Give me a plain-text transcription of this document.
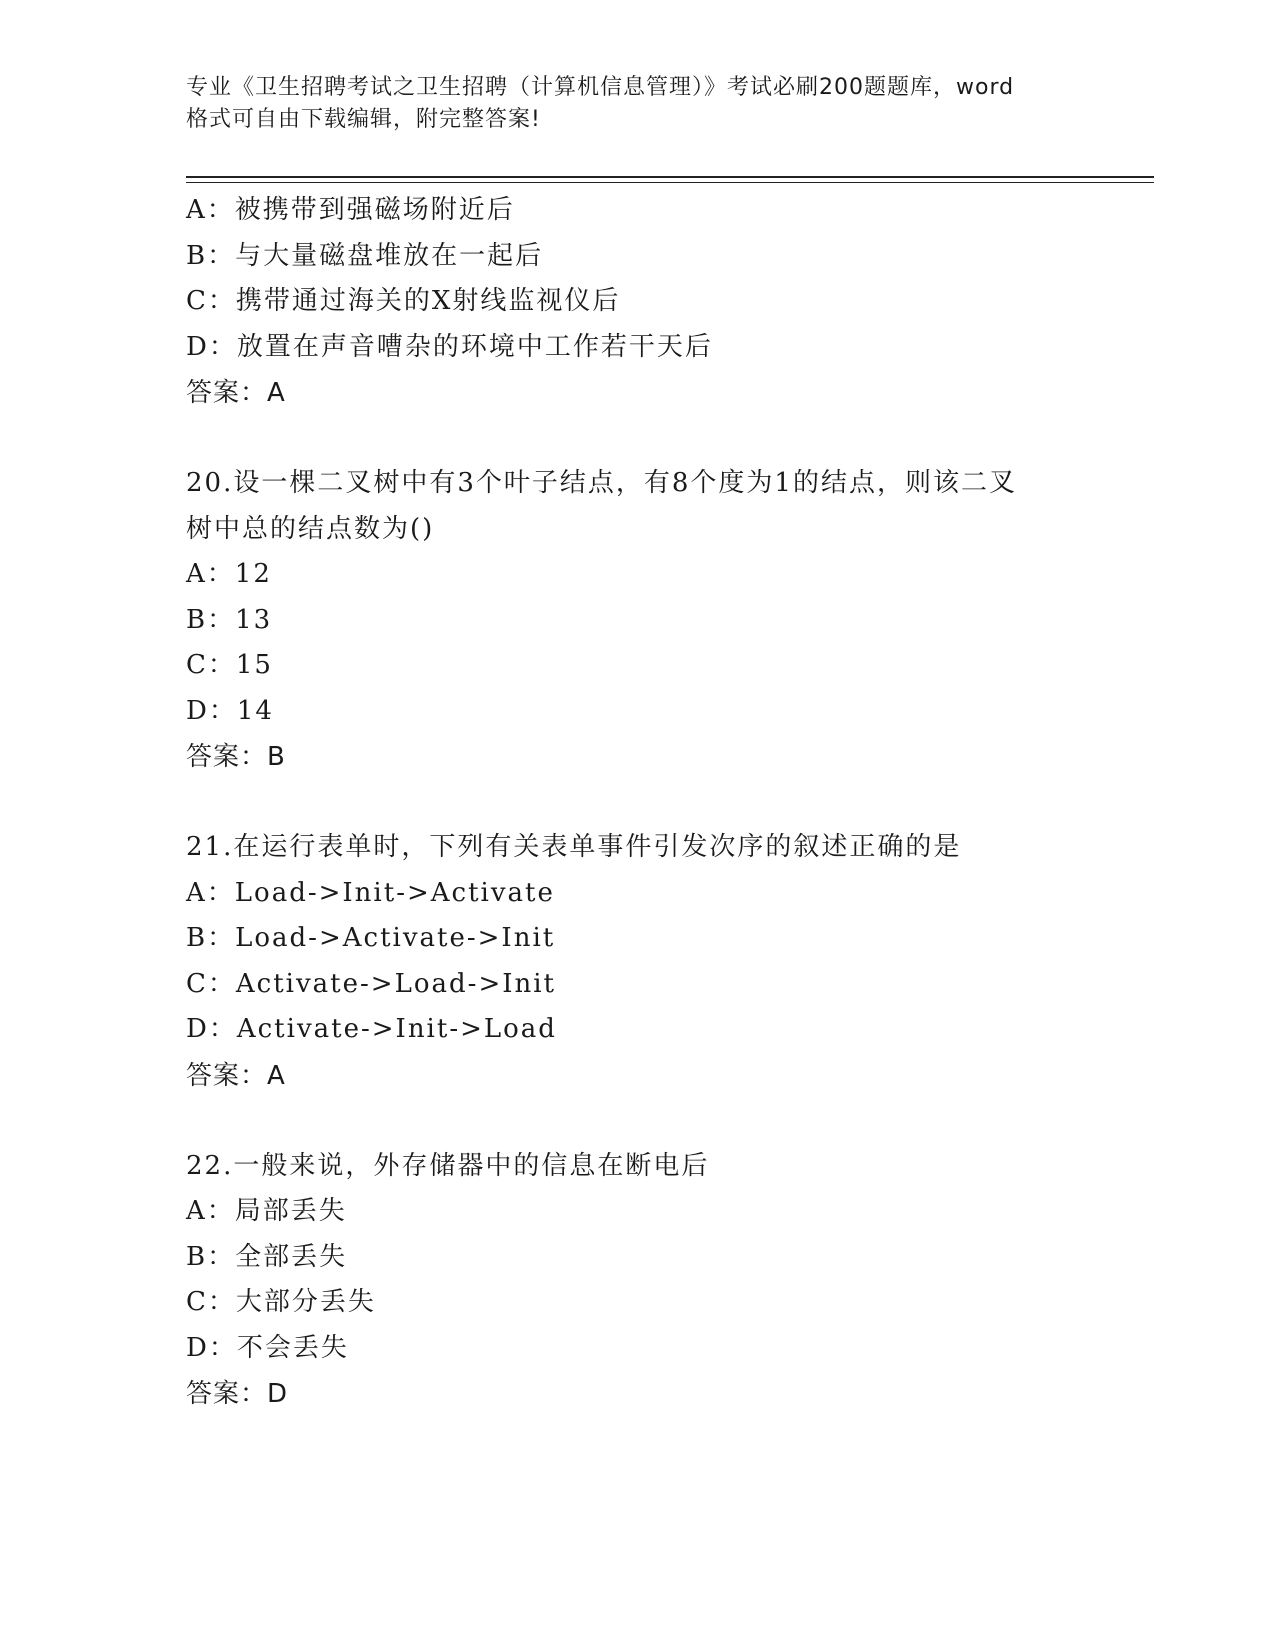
专业《卫生招聘考试之卫生招聘（计算机信息管理）》考试必刷200题题库，word
格式可自由下载编辑，附完整答案!
A：被携带到强磁场附近后
B：与大量磁盘堆放在一起后
C：携带通过海关的X射线监视仪后
D：放置在声音嘈杂的环境中工作若干天后
答案：A
20.设一棵二叉树中有3个叶子结点，有8个度为1的结点，则该二叉
树中总的结点数为()
A：12
B：13
C：15
D：14
答案：B
21.在运行表单时，下列有关表单事件引发次序的叙述正确的是
A：Load->Init->Activate
B：Load->Activate->Init
C：Activate->Load->Init
D：Activate->Init->Load
答案：A
22.一般来说，外存储器中的信息在断电后
A：局部丢失
B：全部丢失
C：大部分丢失
D：不会丢失
答案：D
